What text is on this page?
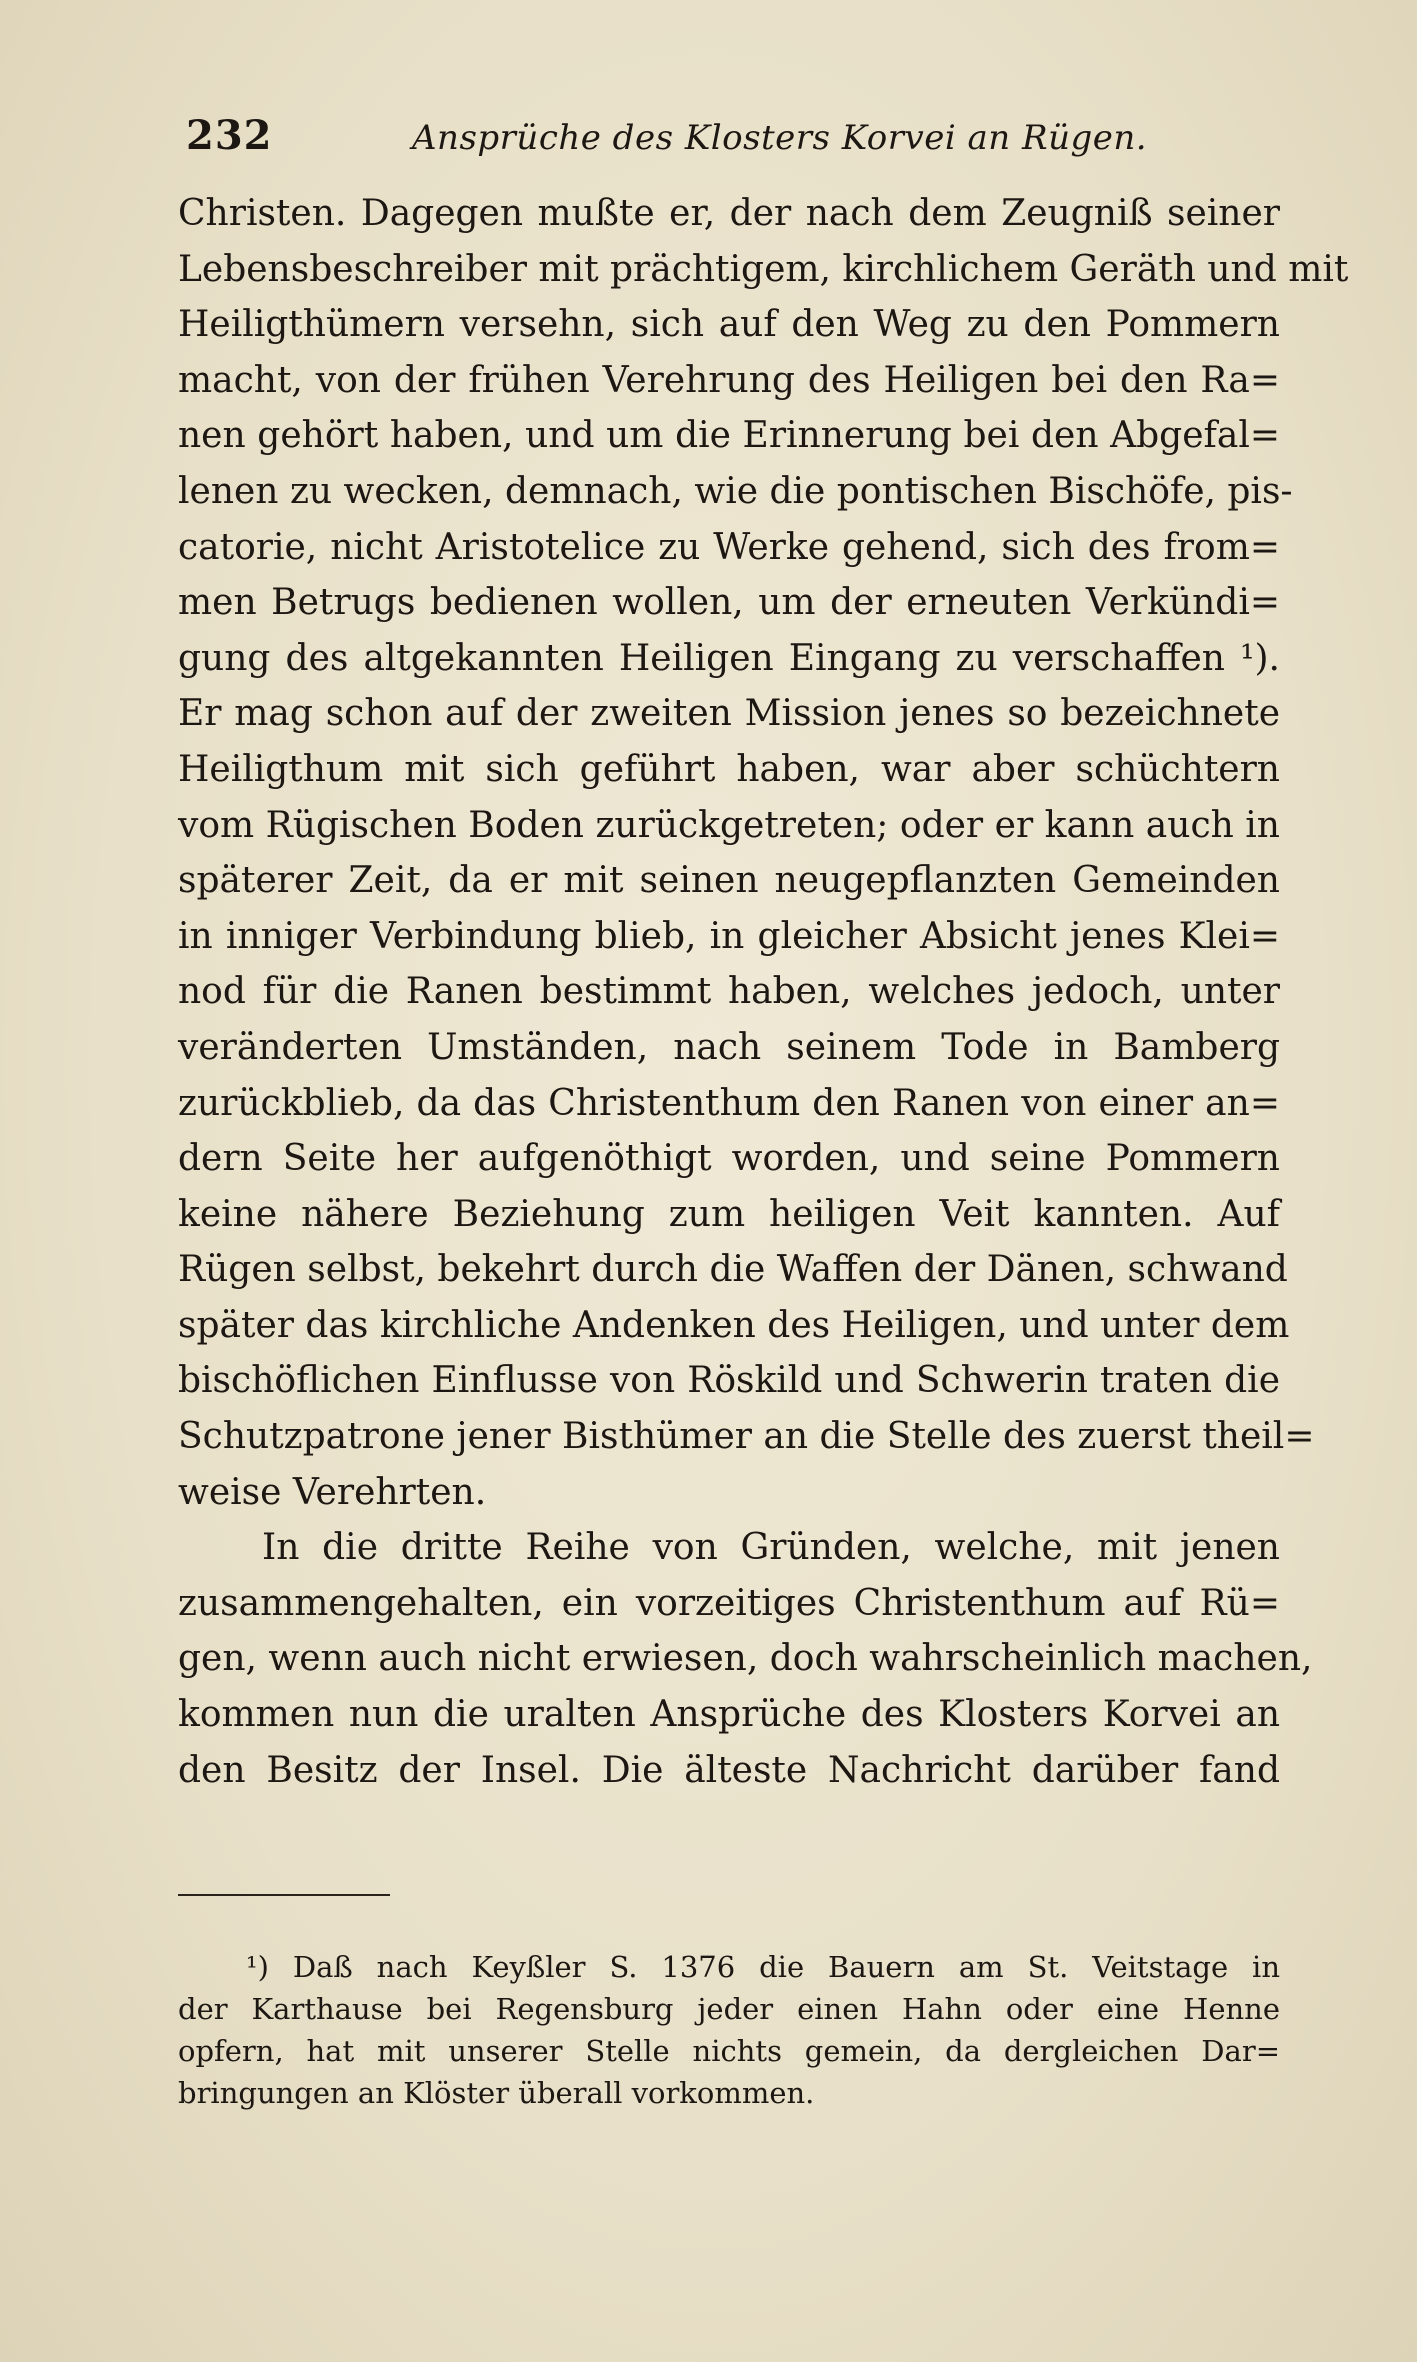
232	Ansprüche des Klosters Korvei an Rügen.
Christen. Dagegen mußte er, der nach dem Zeugniß seiner
Lebensbeschreiber mit prächtigem, kirchlichem Geräth und mit
Heiligthümern versehn, sich auf den Weg zu den Pommern
macht, von der frühen Verehrung des Heiligen bei den Ra=
nen gehört haben, und um die Erinnerung bei den Abgefal=
lenen zu wecken, demnach, wie die pontischen Bischöfe, pis-
catorie, nicht Aristotelice zu Werke gehend, sich des from=
men Betrugs bedienen wollen, um der erneuten Verkündi=
gung des altgekannten Heiligen Eingang zu verschaffen ¹).
Er mag schon auf der zweiten Mission jenes so bezeichnete
Heiligthum mit sich geführt haben, war aber schüchtern
vom Rügischen Boden zurückgetreten; oder er kann auch in
späterer Zeit, da er mit seinen neugepflanzten Gemeinden
in inniger Verbindung blieb, in gleicher Absicht jenes Klei=
nod für die Ranen bestimmt haben, welches jedoch, unter
veränderten Umständen, nach seinem Tode in Bamberg
zurückblieb, da das Christenthum den Ranen von einer an=
dern Seite her aufgenöthigt worden, und seine Pommern
keine nähere Beziehung zum heiligen Veit kannten. Auf
Rügen selbst, bekehrt durch die Waffen der Dänen, schwand
später das kirchliche Andenken des Heiligen, und unter dem
bischöflichen Einflusse von Röskild und Schwerin traten die
Schutzpatrone jener Bisthümer an die Stelle des zuerst theil=
weise Verehrten.
In die dritte Reihe von Gründen, welche, mit jenen
zusammengehalten, ein vorzeitiges Christenthum auf Rü=
gen, wenn auch nicht erwiesen, doch wahrscheinlich machen,
kommen nun die uralten Ansprüche des Klosters Korvei an
den Besitz der Insel. Die älteste Nachricht darüber fand
¹) Daß nach Keyßler S. 1376 die Bauern am St. Veitstage in
der Karthause bei Regensburg jeder einen Hahn oder eine Henne
opfern, hat mit unserer Stelle nichts gemein, da dergleichen Dar=
bringungen an Klöster überall vorkommen.
